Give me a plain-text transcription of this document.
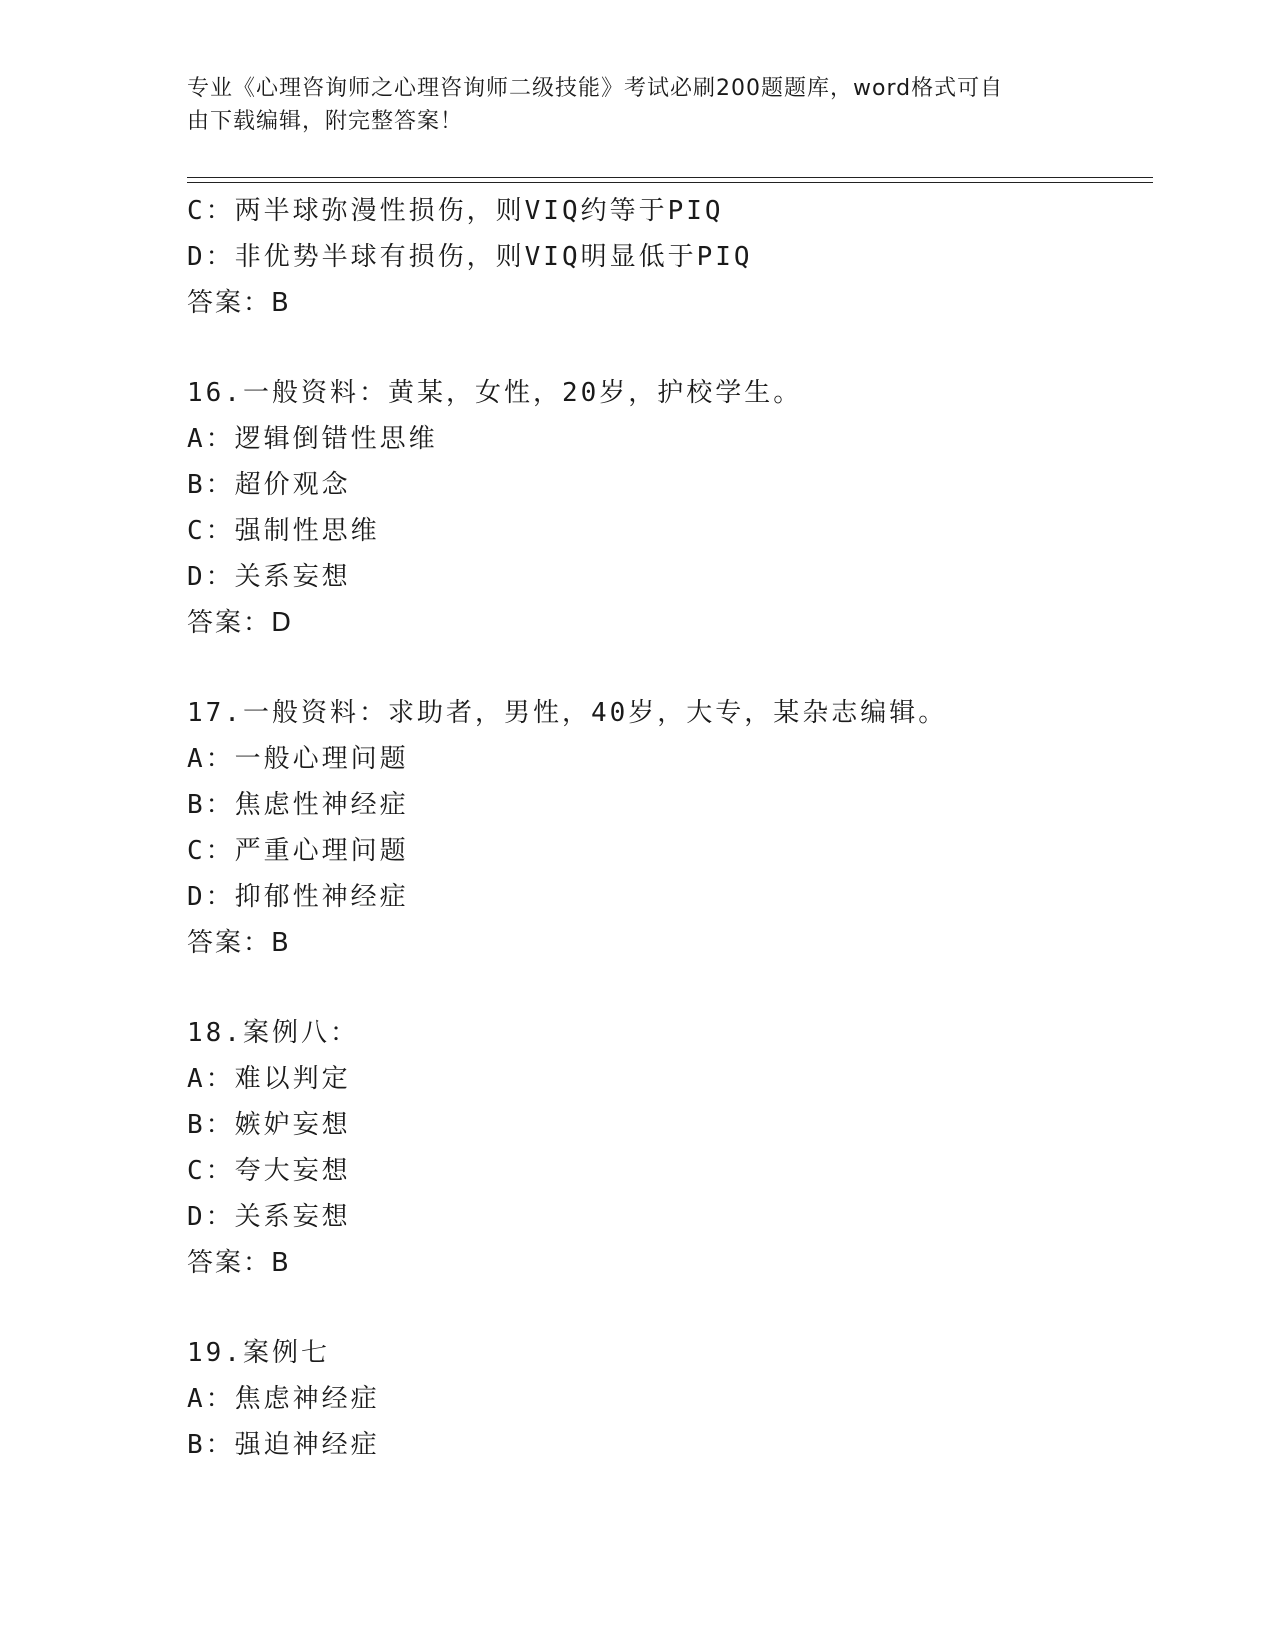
专业《心理咨询师之心理咨询师二级技能》考试必刷200题题库，word格式可自
由下载编辑，附完整答案！
C：两半球弥漫性损伤，则VIQ约等于PIQ
D：非优势半球有损伤，则VIQ明显低于PIQ
答案：B
16.一般资料：黄某，女性，20岁，护校学生。
A：逻辑倒错性思维
B：超价观念
C：强制性思维
D：关系妄想
答案：D
17.一般资料：求助者，男性，40岁，大专，某杂志编辑。
A：一般心理问题
B：焦虑性神经症
C：严重心理问题
D：抑郁性神经症
答案：B
18.案例八：
A：难以判定
B：嫉妒妄想
C：夸大妄想
D：关系妄想
答案：B
19.案例七
A：焦虑神经症
B：强迫神经症
